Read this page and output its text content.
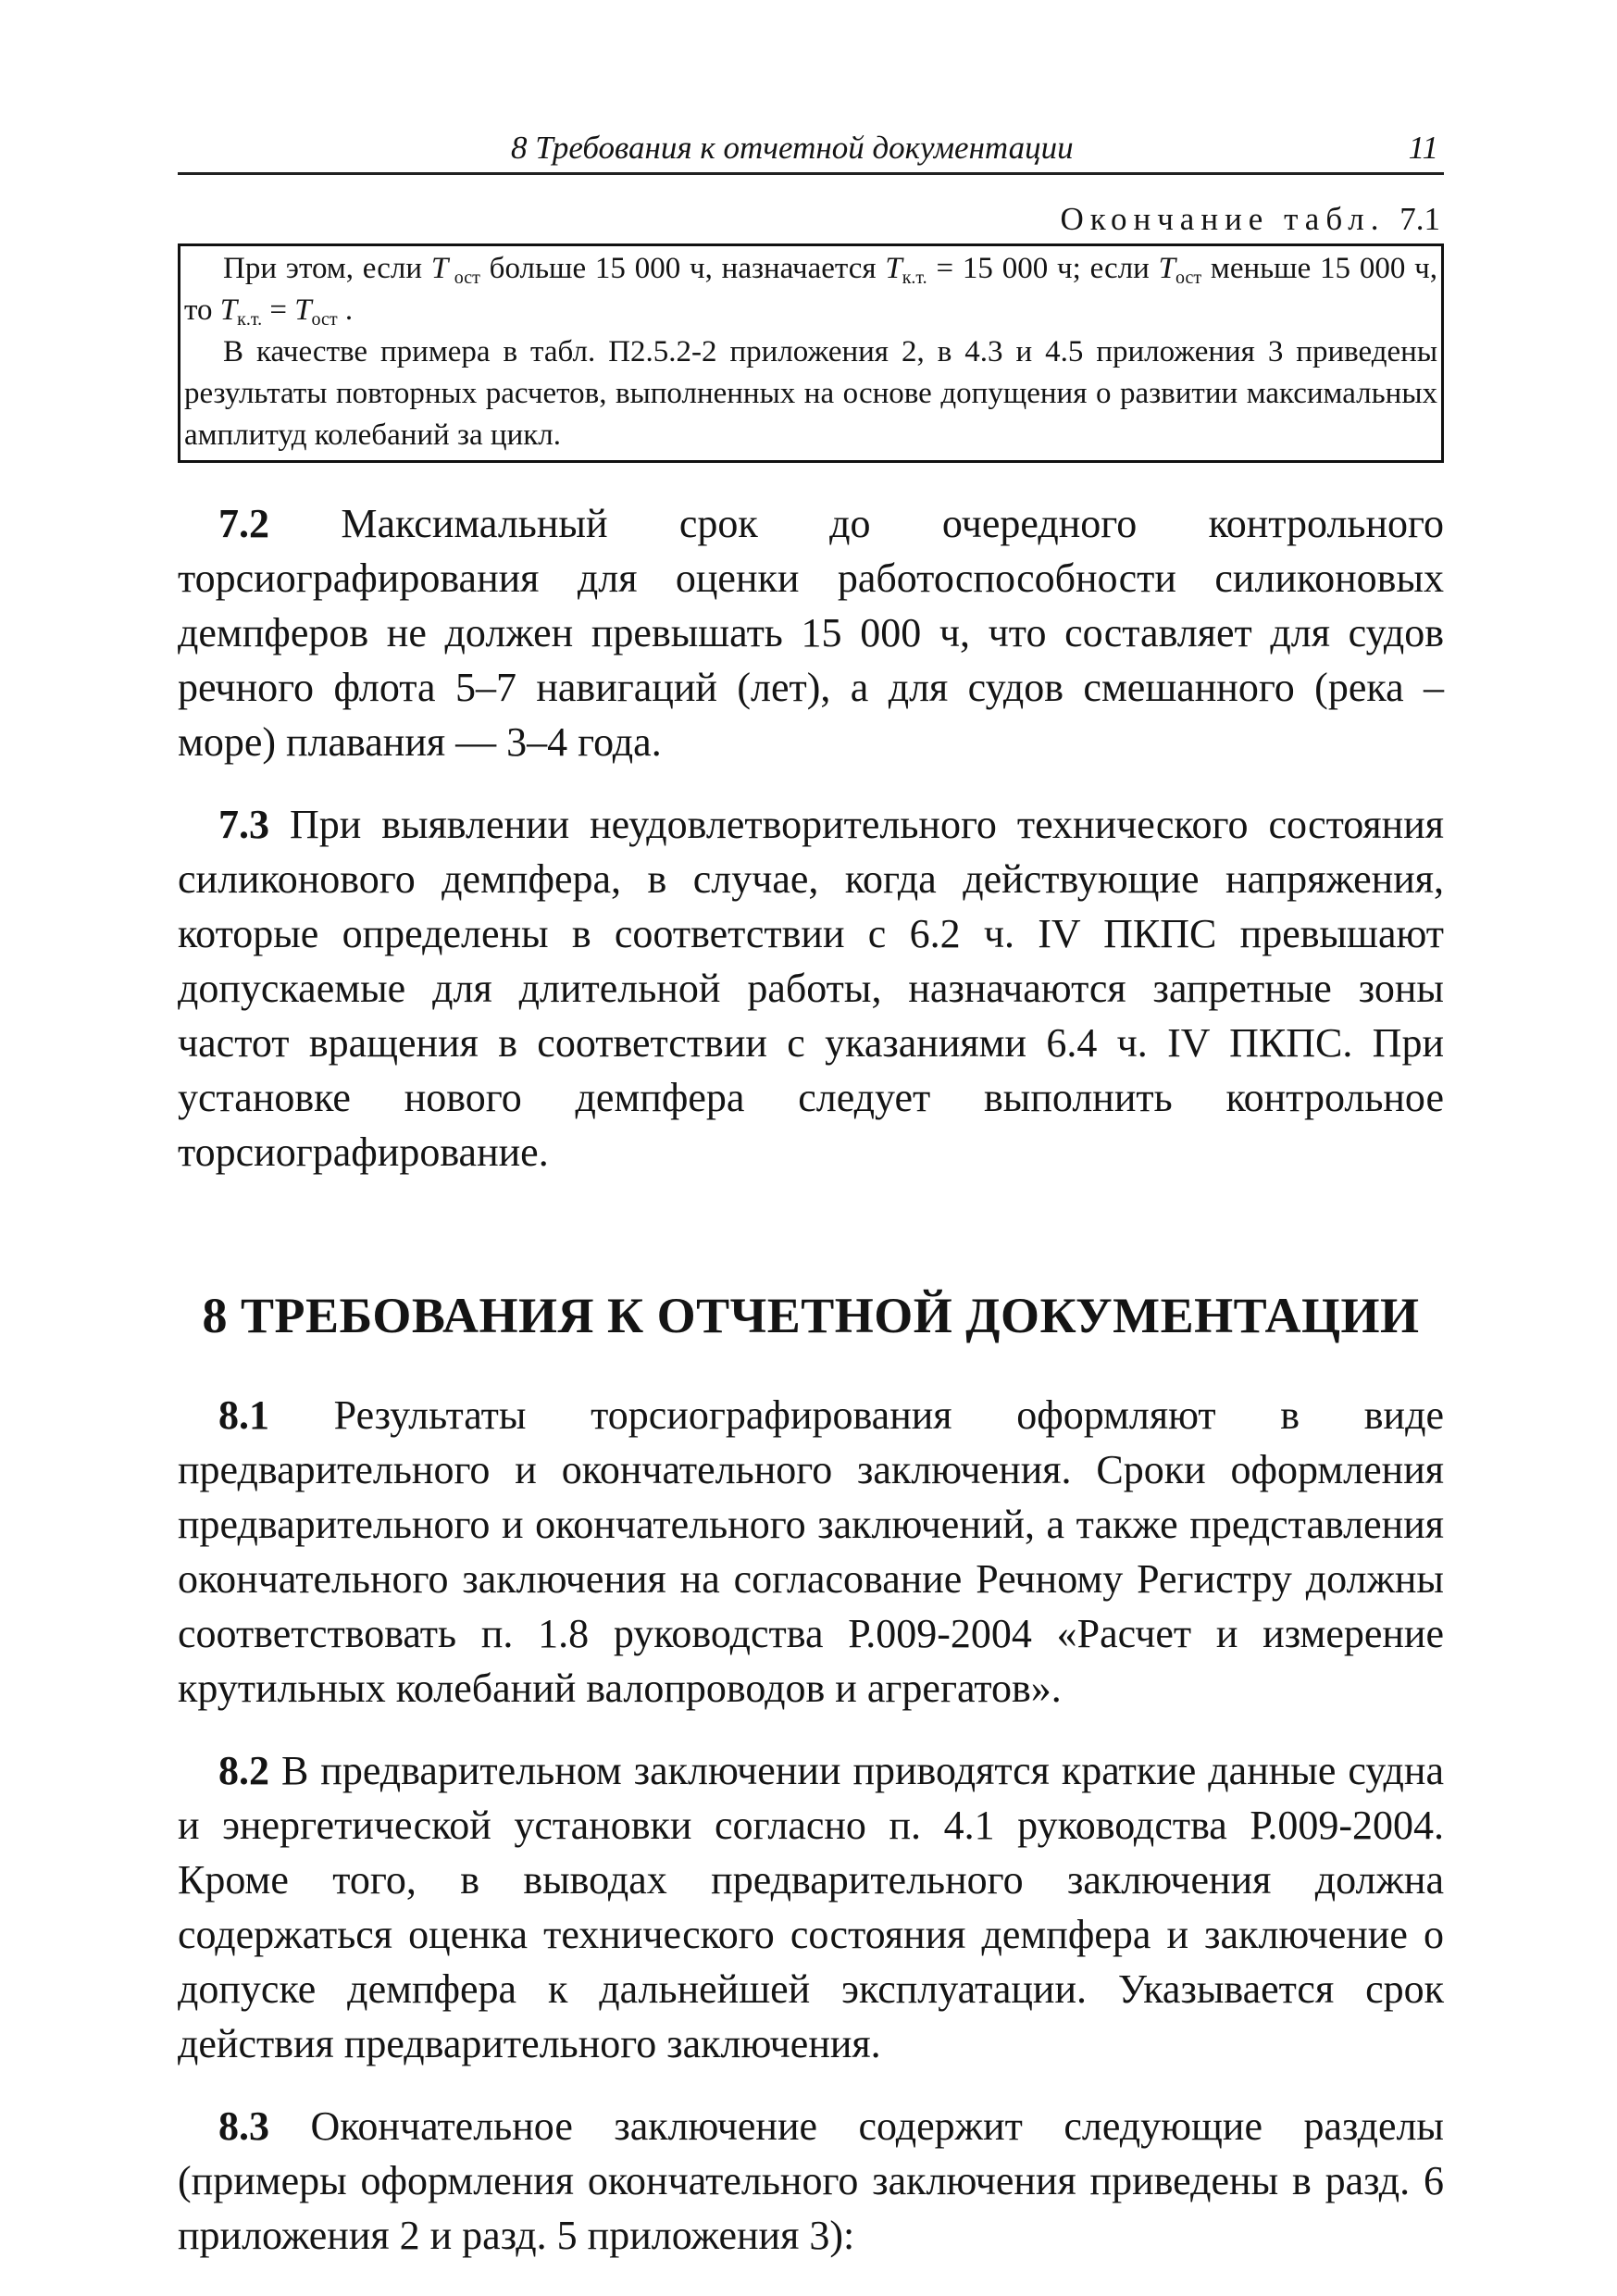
8 Требования к отчетной документации	11
Окончание табл. 7.1

При этом, если T $_{ост}$ больше 15 000 ч, назначается $T_{к.т.} = 15$ 000 ч; если $T_{ост}$ меньше 15 000 ч, то $T_{к.т.} = T_{ост}$ .

В качестве примера в табл. П2.5.2-2 приложения 2, в 4.3 и 4.5 приложения 3 приведены результаты повторных расчетов, выполненных на основе допущения о развитии максимальных амплитуд колебаний за цикл.

7.2 Максимальный срок до очередного контрольного торсиографирования для оценки работоспособности силиконовых демпферов не должен превышать 15 000 ч, что составляет для судов речного флота 5–7 навигаций (лет), а для судов смешанного (река – море) плавания — 3–4 года.

7.3 При выявлении неудовлетворительного технического состояния силиконового демпфера, в случае, когда действующие напряжения, которые определены в соответствии с 6.2 ч. IV ПКПС превышают допускаемые для длительной работы, назначаются запретные зоны частот вращения в соответствии с указаниями 6.4 ч. IV ПКПС. При установке нового демпфера следует выполнить контрольное торсиографирование.

8 ТРЕБОВАНИЯ К ОТЧЕТНОЙ ДОКУМЕНТАЦИИ

8.1 Результаты торсиографирования оформляют в виде предварительного и окончательного заключения. Сроки оформления предварительного и окончательного заключений, а также представления окончательного заключения на согласование Речному Регистру должны соответствовать п. 1.8 руководства Р.009-2004 «Расчет и измерение крутильных колебаний валопроводов и агрегатов».

8.2 В предварительном заключении приводятся краткие данные судна и энергетической установки согласно п. 4.1 руководства Р.009-2004. Кроме того, в выводах предварительного заключения должна содержаться оценка технического состояния демпфера и заключение о допуске демпфера к дальнейшей эксплуатации. Указывается срок действия предварительного заключения.

8.3 Окончательное заключение содержит следующие разделы (примеры оформления окончательного заключения приведены в разд. 6 приложения 2 и разд. 5 приложения 3):
